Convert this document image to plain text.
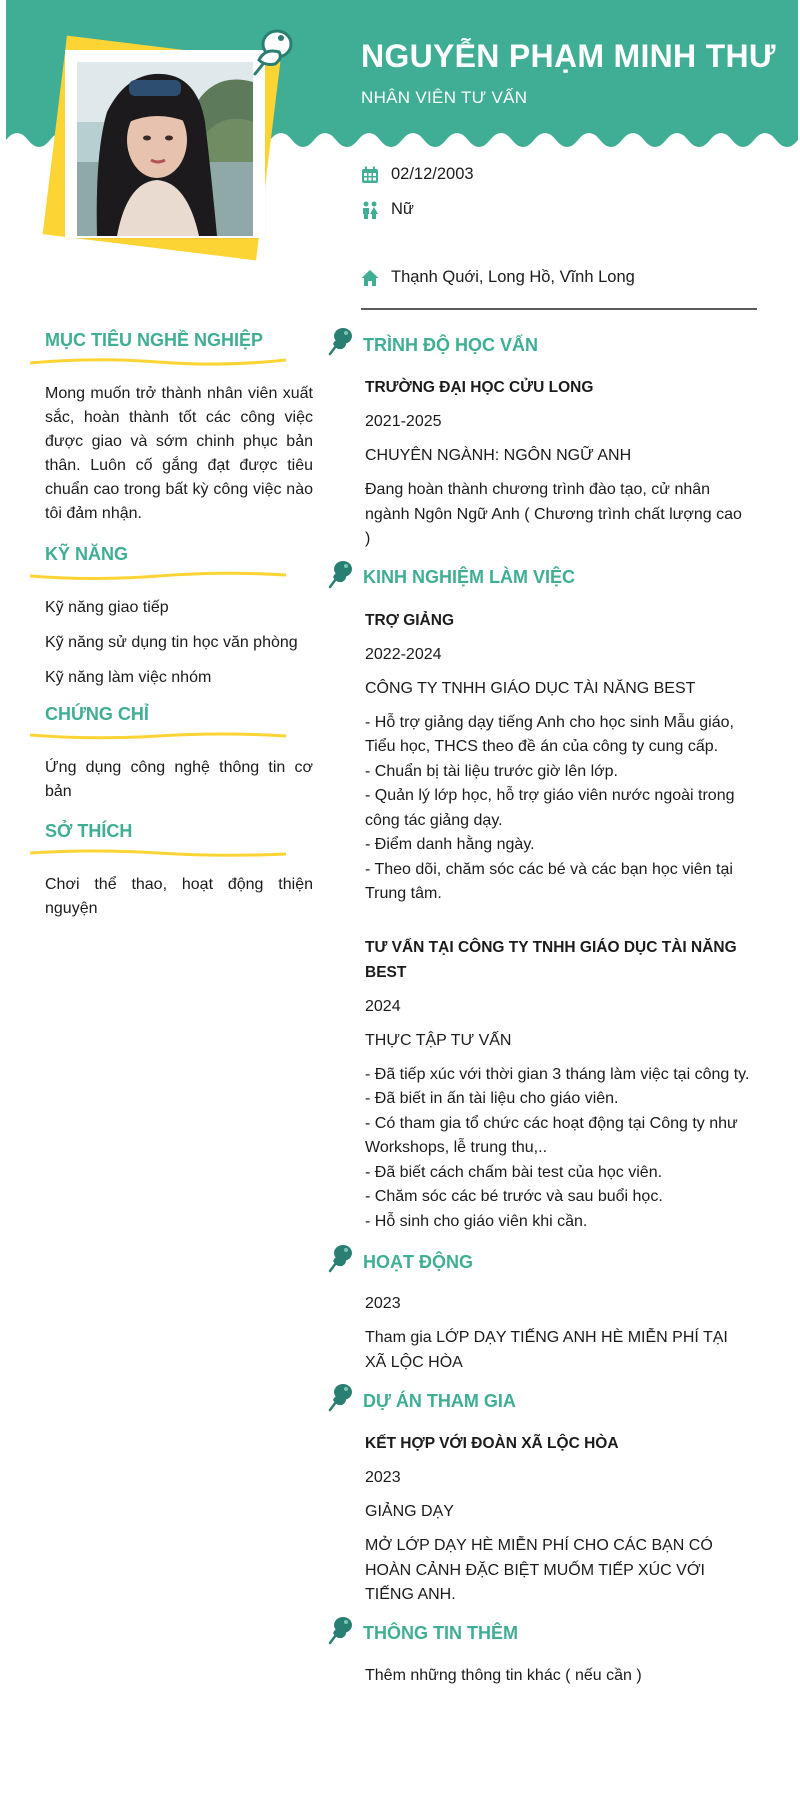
NGUYỄN PHẠM MINH THƯ
NHÂN VIÊN TƯ VẤN
02/12/2003
Nữ
Thạnh Quới, Long Hồ, Vĩnh Long
MỤC TIÊU NGHỀ NGHIỆP
Mong muốn trở thành nhân viên xuất sắc, hoàn thành tốt các công việc được giao và sớm chinh phục bản thân. Luôn cố gắng đạt được tiêu chuẩn cao trong bất kỳ công việc nào tôi đảm nhận.
KỸ NĂNG
Kỹ năng giao tiếp
Kỹ năng sử dụng tin học văn phòng
Kỹ năng làm việc nhóm
CHỨNG CHỈ
Ứng dụng công nghệ thông tin cơ bản
SỞ THÍCH
Chơi thể thao, hoạt động thiện nguyện
TRÌNH ĐỘ HỌC VẤN
TRƯỜNG ĐẠI HỌC CỬU LONG
2021-2025
CHUYÊN NGÀNH: NGÔN NGỮ ANH
Đang hoàn thành chương trình đào tạo, cử nhân ngành Ngôn Ngữ Anh ( Chương trình chất lượng cao )
KINH NGHIỆM LÀM VIỆC
TRỢ GIẢNG
2022-2024
CÔNG TY TNHH GIÁO DỤC TÀI NĂNG BEST
- Hỗ trợ giảng dạy tiếng Anh cho học sinh Mẫu giáo, Tiểu học, THCS theo đề án của công ty cung cấp.
- Chuẩn bị tài liệu trước giờ lên lớp.
- Quản lý lớp học, hỗ trợ giáo viên nước ngoài trong công tác giảng dạy.
- Điểm danh hằng ngày.
- Theo dõi, chăm sóc các bé và các bạn học viên tại Trung tâm.
TƯ VẤN TẠI CÔNG TY TNHH GIÁO DỤC TÀI NĂNG BEST
2024
THỰC TẬP TƯ VẤN
- Đã tiếp xúc với thời gian 3 tháng làm việc tại công ty.
- Đã biết in ấn tài liệu cho giáo viên.
- Có tham gia tổ chức các hoạt động tại Công ty như Workshops, lễ trung thu,..
- Đã biết cách chấm bài test của học viên.
- Chăm sóc các bé trước và sau buổi học.
- Hỗ sinh cho giáo viên khi cần.
HOẠT ĐỘNG
2023
Tham gia LỚP DẠY TIẾNG ANH HÈ MIỄN PHÍ TẠI XÃ LỘC HÒA
DỰ ÁN THAM GIA
KẾT HỢP VỚI ĐOÀN XÃ LỘC HÒA
2023
GIẢNG DẠY
MỞ LỚP DẠY HÈ MIỄN PHÍ CHO CÁC BẠN CÓ HOÀN CẢNH ĐẶC BIỆT MUỐM TIẾP XÚC VỚI TIẾNG ANH.
THÔNG TIN THÊM
Thêm những thông tin khác ( nếu cần )
